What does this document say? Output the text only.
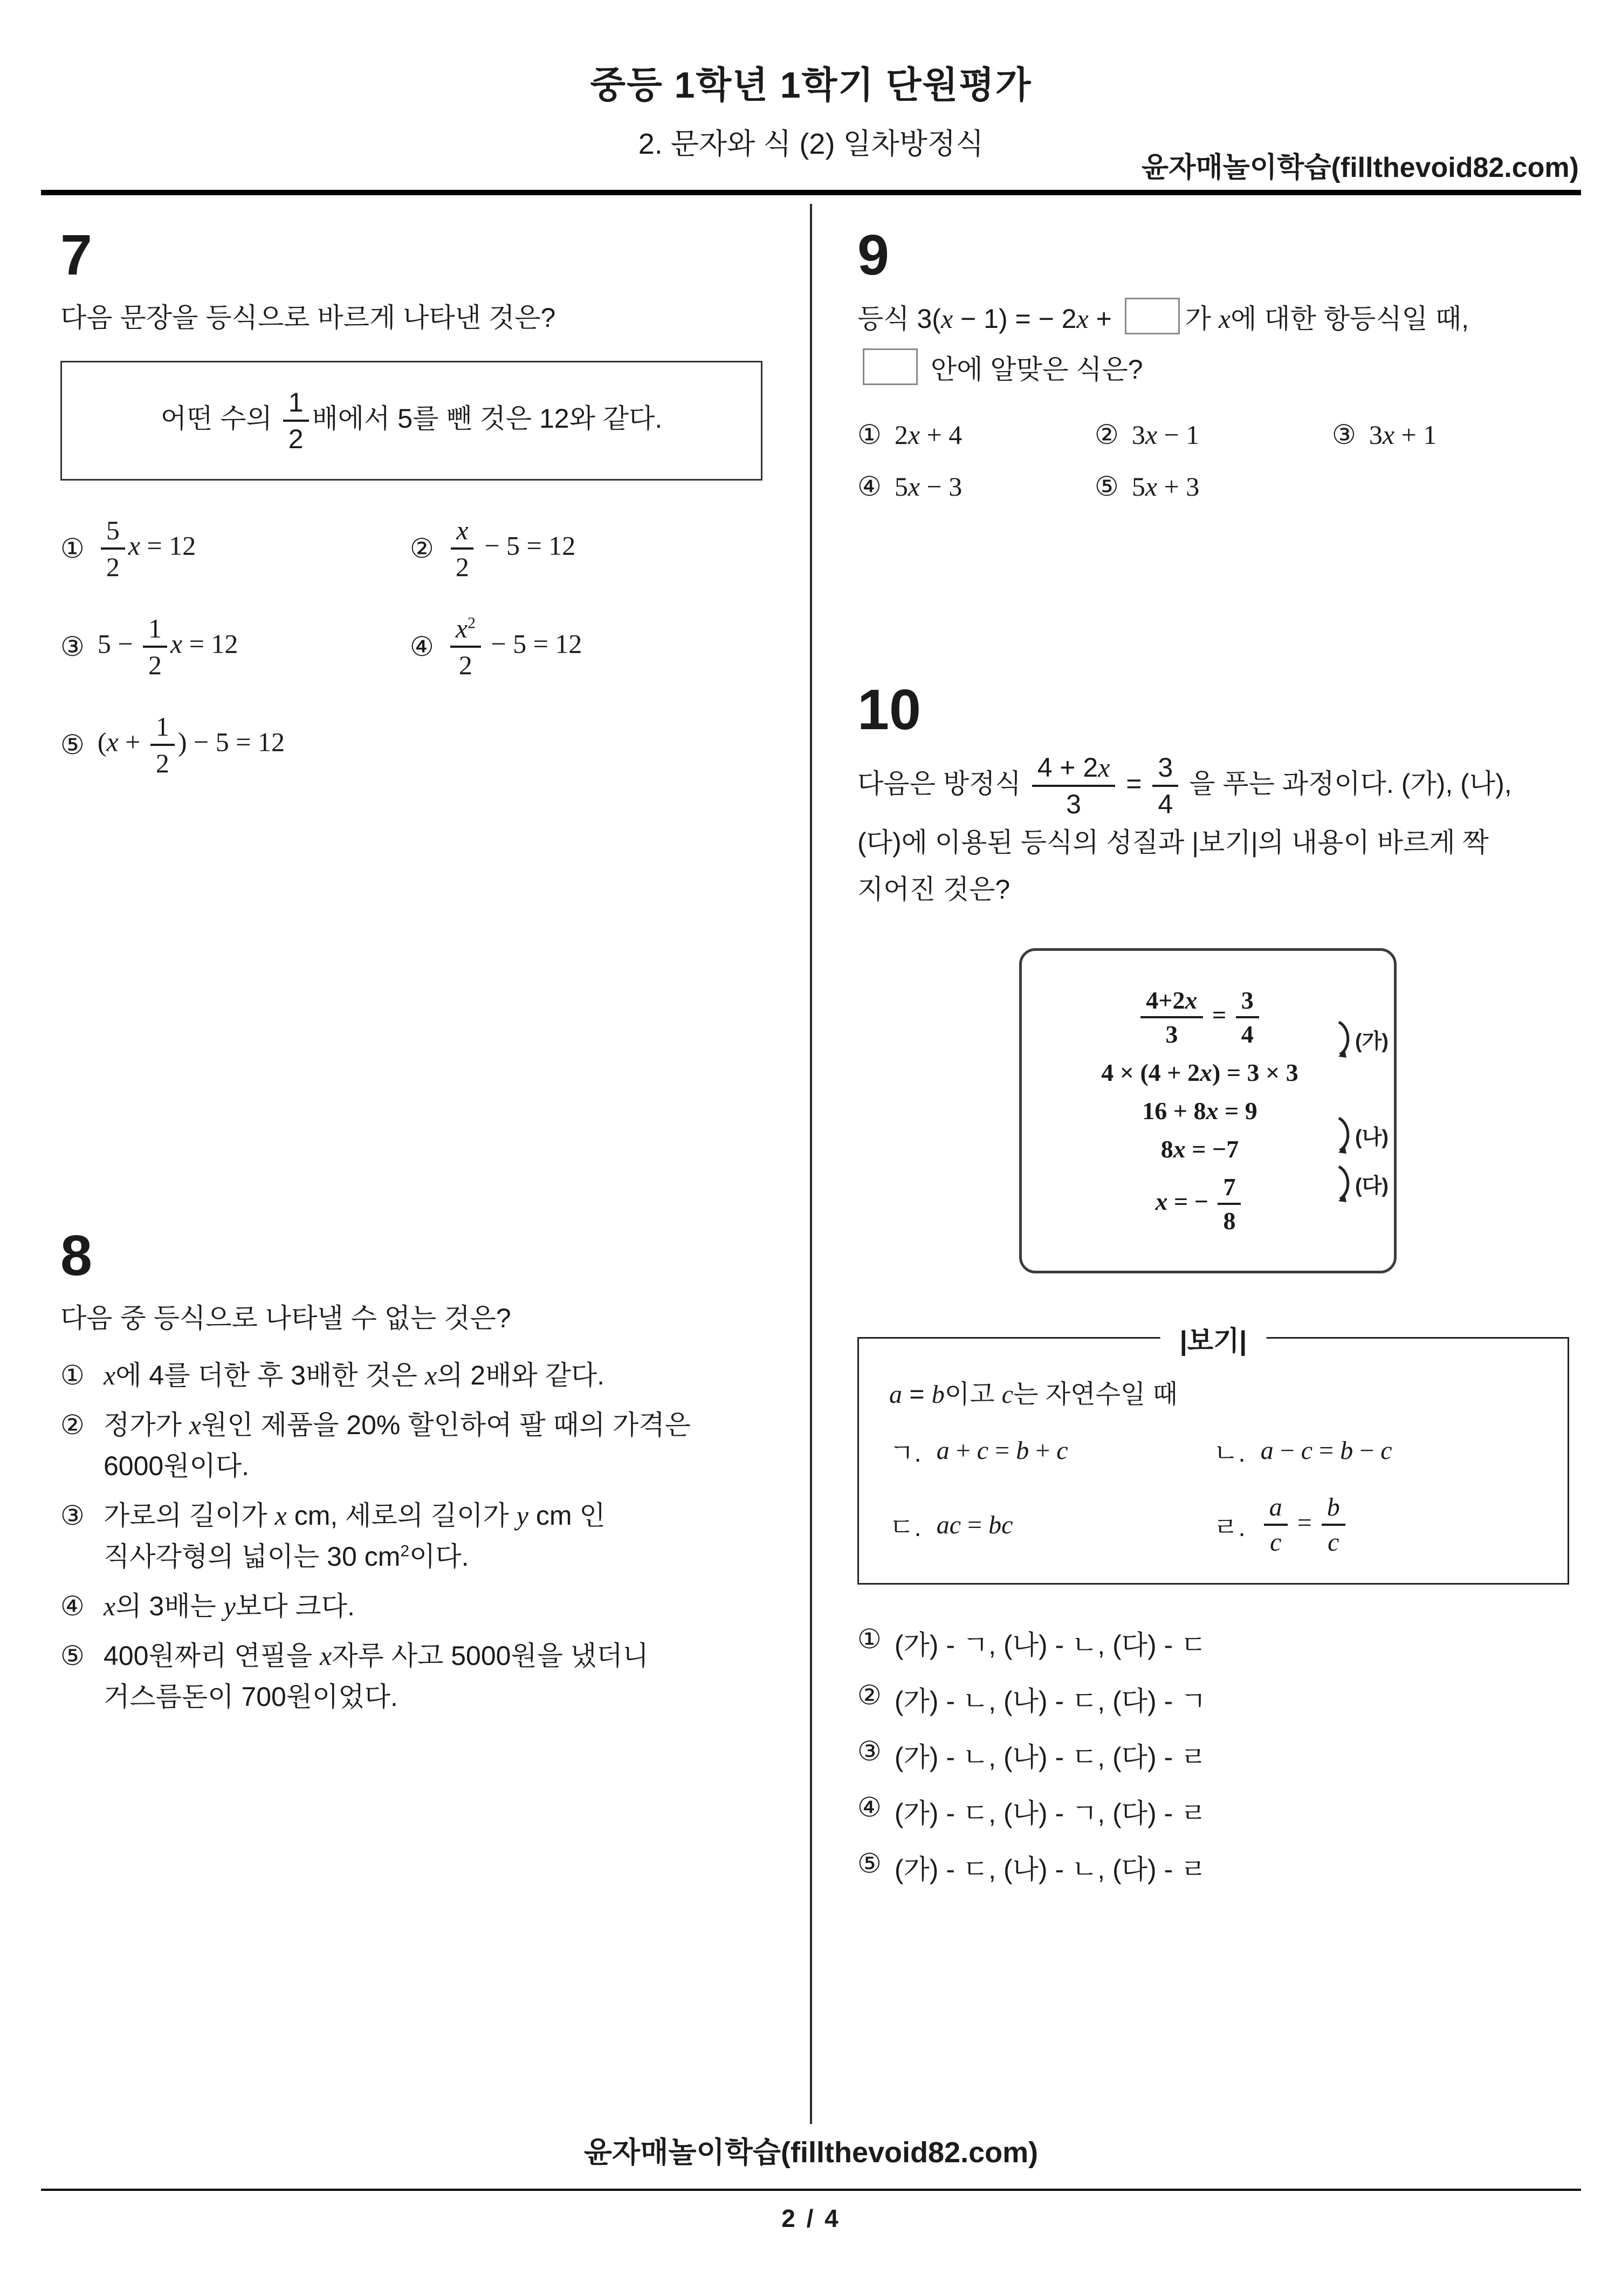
중등 1학년 1학기 단원평가
2. 문자와 식 (2) 일차방정식
윤자매놀이학습(fillthevoid82.com)
7
다음 문장을 등식으로 바르게 나타낸 것은?
어떤 수의 $\frac{1}{2}$ 배에서 5를 뺀 것은 12와 같다.
① $\frac{5}{2}$ x = 12	② $\frac{x}{2} - 5 = 12$
③ $5 - \frac{1}{2}$ x = 12	④ $\frac{x^2}{2} - 5 = 12$
⑤ ($x + \frac{1}{2}$ ) − 5 = 12
8
다음 중 등식으로 나타낼 수 없는 것은?
① x에 4를 더한 후 3배한 것은 x의 2배와 같다.
② 정가가 x원인 제품을 20% 할인하여 팔 때의 가격은
6000원이다.
③ 가로의 길이가 x cm, 세로의 길이가 y cm 인
직사각형의 넓이는 30 $cm^2$이다.
④ x의 3배는 y보다 크다.
⑤ 400원짜리 연필을 x자루 사고 5000원을 냈더니
거스름돈이 700원이었다.
9
등식 3(x − 1) = − 2x + 가 x에 대한 항등식일 때,
안에 알맞은 식은?
① 2x + 4	② 3x − 1	③ 3x + 1
④ 5x − 3	⑤ 5x + 3
10
다음은 방정식 $\frac{4 + 2x}{3} = \frac{3}{4}$ 을 푸는 과정이다. (가), (나),
(다)에 이용된 등식의 성질과 |보기|의 내용이 바르게 짝
지어진 것은?
$\frac{4+2x}{3} = \frac{3}{4}$
4 × (4 + 2x) = 3 × 3
16 + 8x = 9
8x = −7
x = − $\frac{7}{8}$
(가)
(나)
(다)
|보기|
a = b이고 c는 자연수일 때
ㄱ. a + c = b + c	ㄴ. a − c = b − c
ㄷ. ac = bc	ㄹ. $\frac{a}{c} = \frac{b}{c}$
① (가) - ㄱ, (나) - ㄴ, (다) - ㄷ
② (가) - ㄴ, (나) - ㄷ, (다) - ㄱ
③ (가) - ㄴ, (나) - ㄷ, (다) - ㄹ
④ (가) - ㄷ, (나) - ㄱ, (다) - ㄹ
⑤ (가) - ㄷ, (나) - ㄴ, (다) - ㄹ
윤자매놀이학습(fillthevoid82.com)
2 / 4
